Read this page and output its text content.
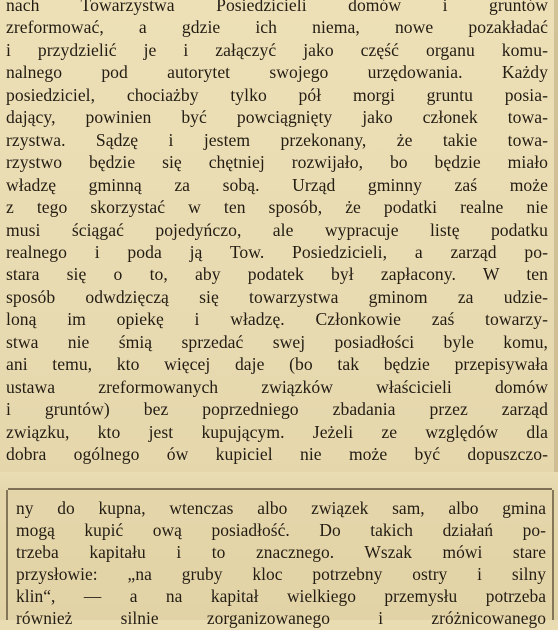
nach Towarzystwa Posiedzicieli domów i gruntów
zreformować, a gdzie ich niema, nowe pozakładać
i przydzielić je i załączyć jako część organu komu-
nalnego pod autorytet swojego urzędowania. Każdy
posiedziciel, chociażby tylko pół morgi gruntu posia-
dający, powinien być powciągnięty jako członek towa-
rzystwa. Sądzę i jestem przekonany, że takie towa-
rzystwo będzie się chętniej rozwijało, bo będzie miało
władzę gminną za sobą. Urząd gminny zaś może
z tego skorzystać w ten sposób, że podatki realne nie
musi ściągać pojedyńczo, ale wypracuje listę podatku
realnego i poda ją Tow. Posiedzicieli, a zarząd po-
stara się o to, aby podatek był zapłacony. W ten
sposób odwdzięczą się towarzystwa gminom za udzie-
loną im opiekę i władzę. Członkowie zaś towarzy-
stwa nie śmią sprzedać swej posiadłości byle komu,
ani temu, kto więcej daje (bo tak będzie przepisywała
ustawa zreformowanych związków właścicieli domów
i gruntów) bez poprzedniego zbadania przez zarząd
związku, kto jest kupującym. Jeżeli ze względów dla
dobra ogólnego ów kupiciel nie może być dopuszczo-
ny do kupna, wtenczas albo związek sam, albo gmina
mogą kupić ową posiadłość. Do takich działań po-
trzeba kapitału i to znacznego. Wszak mówi stare
przysłowie: „na gruby kloc potrzebny ostry i silny
klin“, — a na kapitał wielkiego przemysłu potrzeba
również silnie zorganizowanego i zróżnicowanego
